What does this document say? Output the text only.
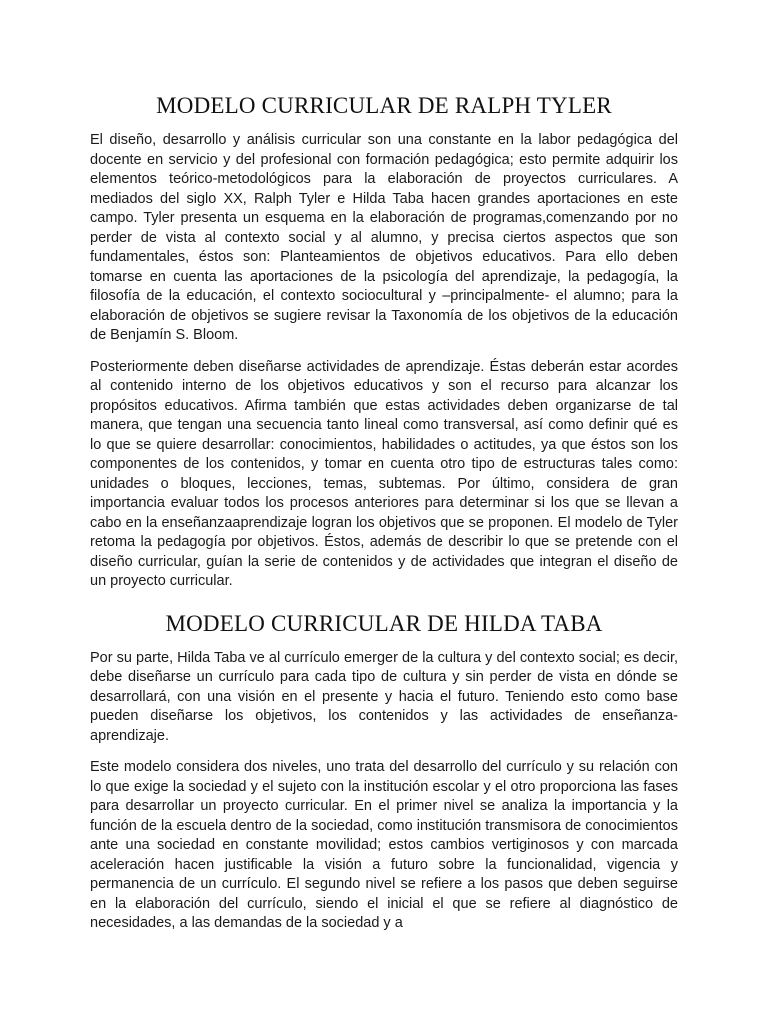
MODELO CURRICULAR DE RALPH TYLER

El diseño, desarrollo y análisis curricular son una constante en la labor pedagógica del docente en servicio y del profesional con formación pedagógica; esto permite adquirir los elementos teórico-metodológicos para la elaboración de proyectos curriculares. A mediados del siglo XX, Ralph Tyler e Hilda Taba hacen grandes aportaciones en este campo. Tyler presenta un esquema en la elaboración de programas,comenzando por no perder de vista al contexto social y al alumno, y precisa ciertos aspectos que son fundamentales, éstos son: Planteamientos de objetivos educativos. Para ello deben tomarse en cuenta las aportaciones de la psicología del aprendizaje, la pedagogía, la filosofía de la educación, el contexto sociocultural y –principalmente- el alumno; para la elaboración de objetivos se sugiere revisar la Taxonomía de los objetivos de la educación de Benjamín S. Bloom.

Posteriormente deben diseñarse actividades de aprendizaje. Éstas deberán estar acordes al contenido interno de los objetivos educativos y son el recurso para alcanzar los propósitos educativos. Afirma también que estas actividades deben organizarse de tal manera, que tengan una secuencia tanto lineal como transversal, así como definir qué es lo que se quiere desarrollar: conocimientos, habilidades o actitudes, ya que éstos son los componentes de los contenidos, y tomar en cuenta otro tipo de estructuras tales como: unidades o bloques, lecciones, temas, subtemas. Por último, considera de gran importancia evaluar todos los procesos anteriores para determinar si los que se llevan a cabo en la enseñanzaaprendizaje logran los objetivos que se proponen. El modelo de Tyler retoma la pedagogía por objetivos. Éstos, además de describir lo que se pretende con el diseño curricular, guían la serie de contenidos y de actividades que integran el diseño de un proyecto curricular.

MODELO CURRICULAR DE HILDA TABA

Por su parte, Hilda Taba ve al currículo emerger de la cultura y del contexto social; es decir, debe diseñarse un currículo para cada tipo de cultura y sin perder de vista en dónde se desarrollará, con una visión en el presente y hacia el futuro. Teniendo esto como base pueden diseñarse los objetivos, los contenidos y las actividades de enseñanza-aprendizaje.

Este modelo considera dos niveles, uno trata del desarrollo del currículo y su relación con lo que exige la sociedad y el sujeto con la institución escolar y el otro proporciona las fases para desarrollar un proyecto curricular. En el primer nivel se analiza la importancia y la función de la escuela dentro de la sociedad, como institución transmisora de conocimientos ante una sociedad en constante movilidad; estos cambios vertiginosos y con marcada aceleración hacen justificable la visión a futuro sobre la funcionalidad, vigencia y permanencia de un currículo. El segundo nivel se refiere a los pasos que deben seguirse en la elaboración del currículo, siendo el inicial el que se refiere al diagnóstico de necesidades, a las demandas de la sociedad y a
